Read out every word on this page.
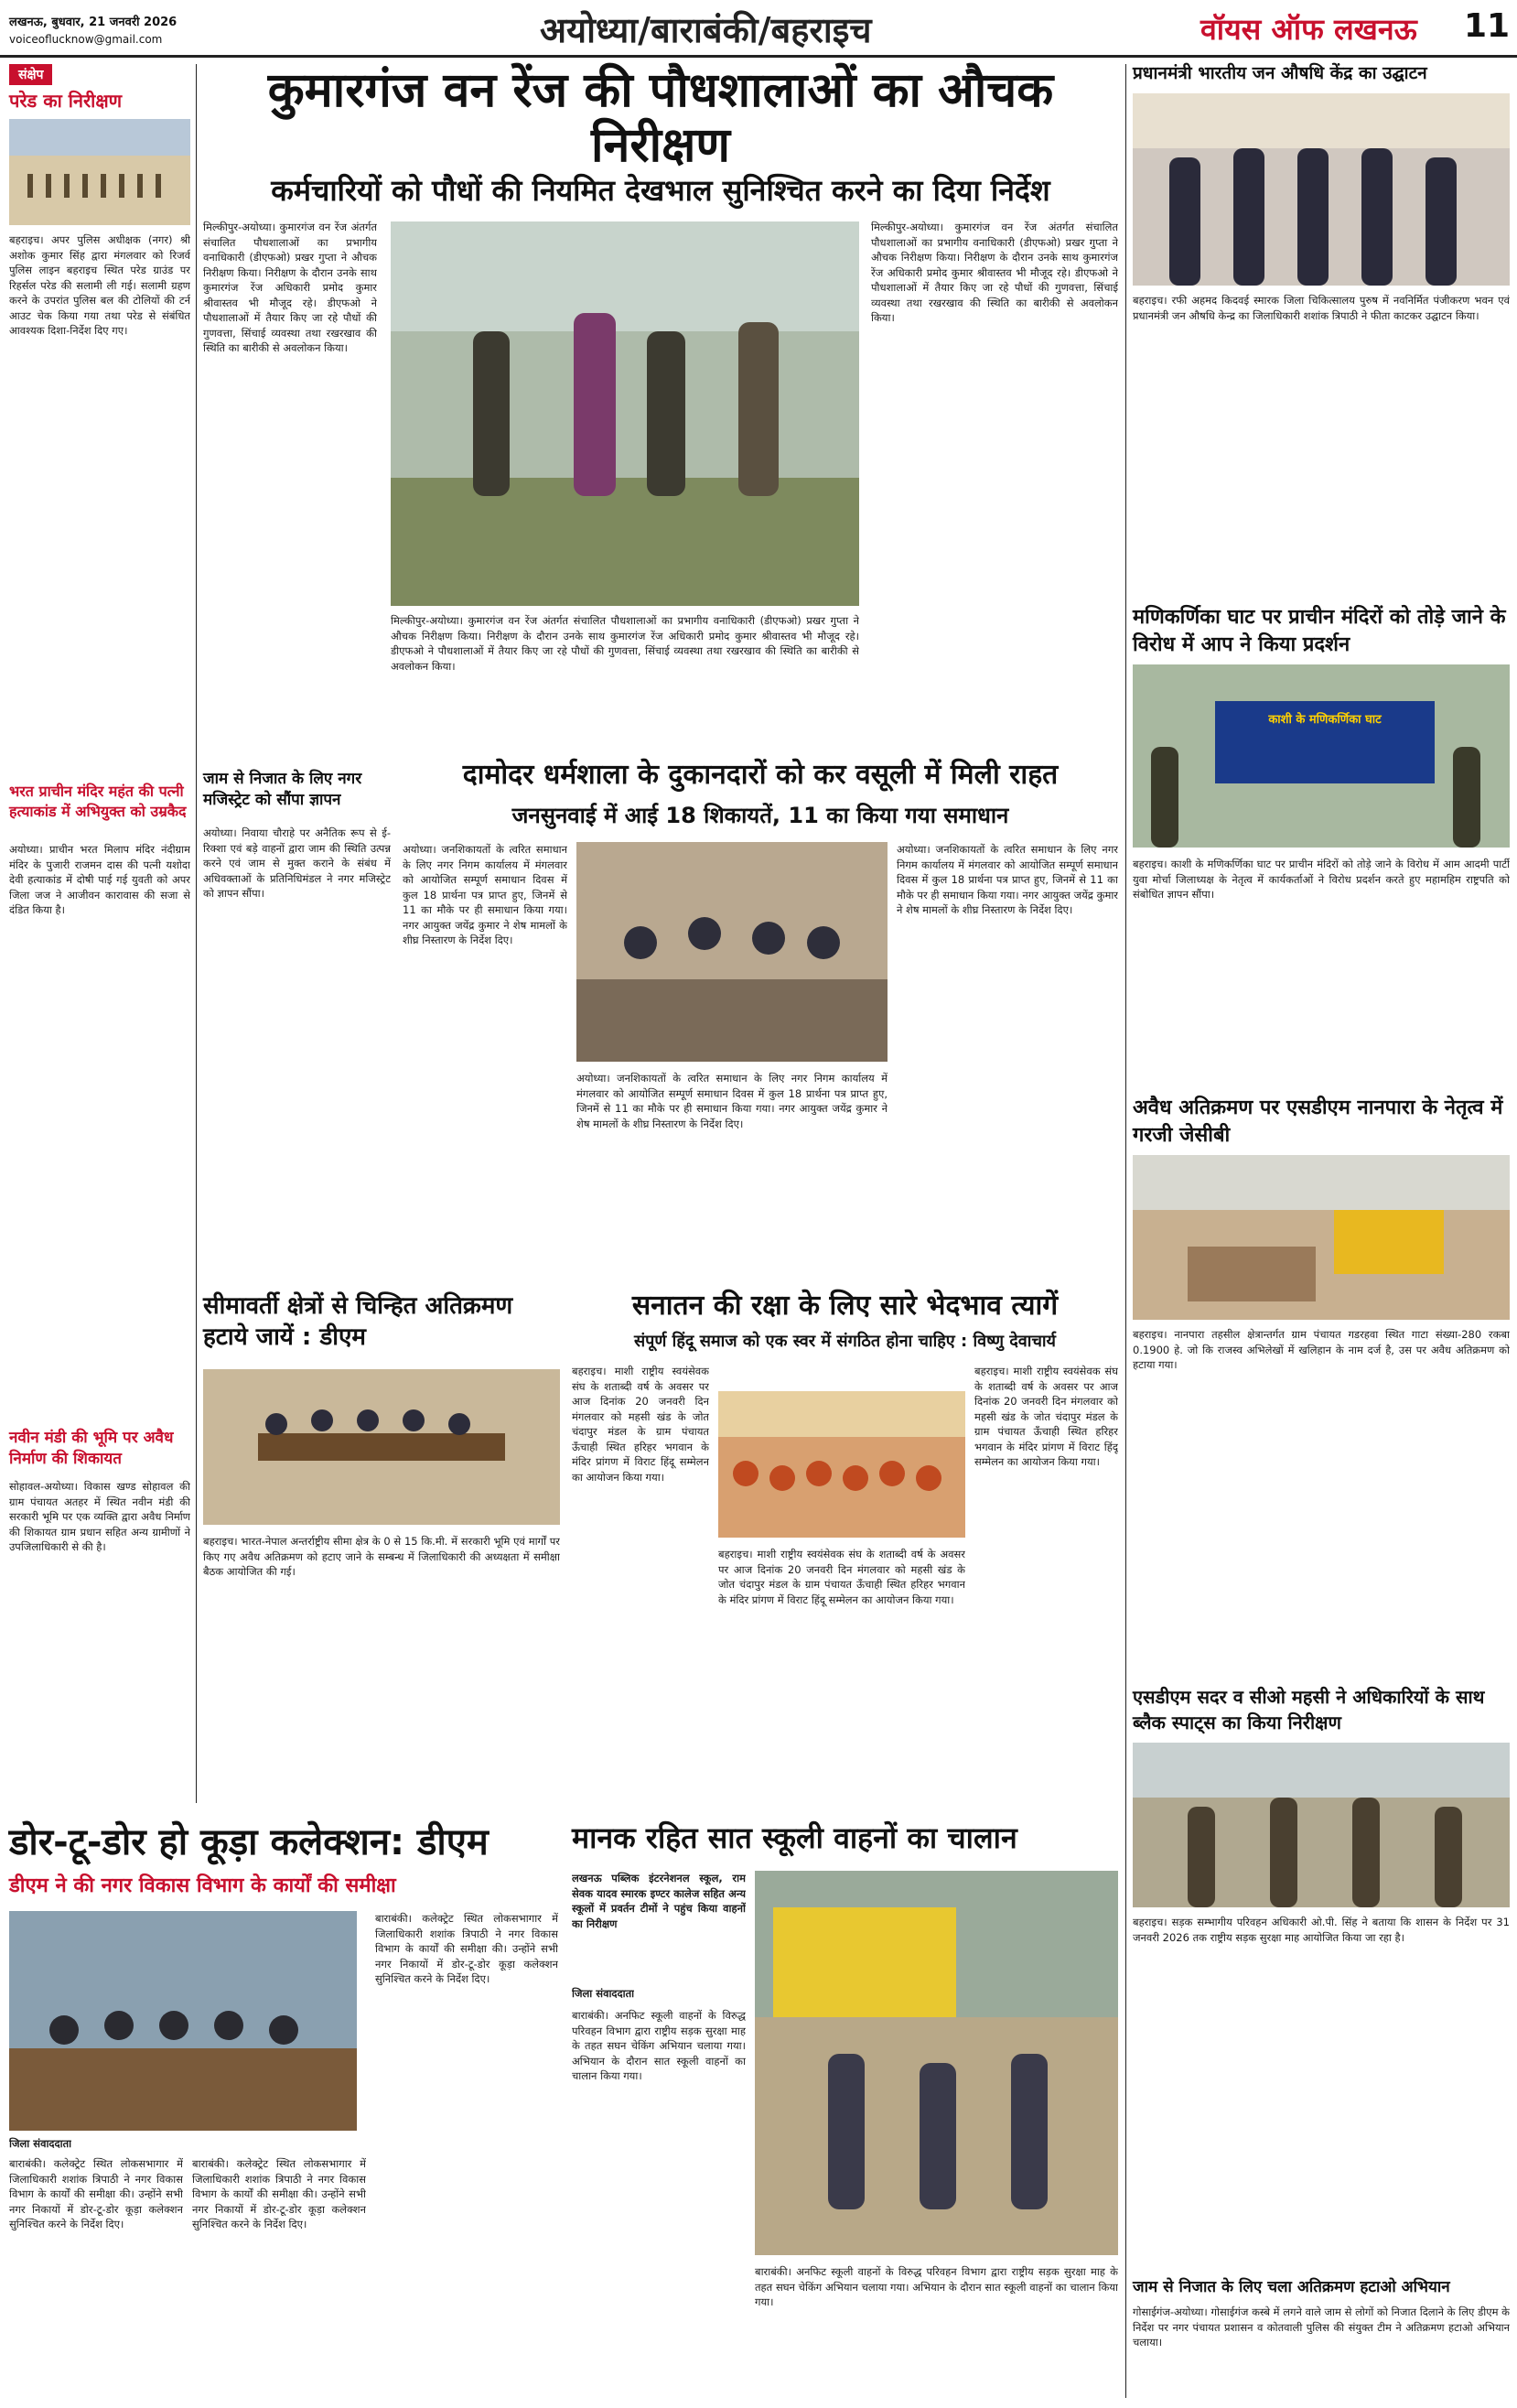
लखनऊ, बुधवार, 21 जनवरी 2026
voiceoflucknow@gmail.com	अयोध्या/बाराबंकी/बहराइच	वॉयस ऑफ लखनऊ 11
संक्षेप
परेड का निरीक्षण
बहराइच। अपर पुलिस अधीक्षक (नगर) श्री अशोक कुमार सिंह द्वारा मंगलवार को रिजर्व पुलिस लाइन बहराइच स्थित परेड ग्राउंड पर रिहर्सल परेड की सलामी ली गई। सलामी ग्रहण करने के उपरांत पुलिस बल की टोलियों की टर्न आउट चेक किया गया तथा परेड से संबंधित आवश्यक दिशा-निर्देश दिए गए।
भरत प्राचीन मंदिर महंत की पत्नी हत्याकांड में अभियुक्त को उम्रकैद
अयोध्या। प्राचीन भरत मिलाप मंदिर नंदीग्राम मंदिर के पुजारी राजमन दास की पत्नी यशोदा देवी हत्याकांड में दोषी पाई गई युवती को अपर जिला जज ने आजीवन कारावास की सजा से दंडित किया है।
नवीन मंडी की भूमि पर अवैध निर्माण की शिकायत
सोहावल-अयोध्या। विकास खण्ड सोहावल की ग्राम पंचायत अतहर में स्थित नवीन मंडी की सरकारी भूमि पर एक व्यक्ति द्वारा अवैध निर्माण की शिकायत ग्राम प्रधान सहित अन्य ग्रामीणों ने उपजिलाधिकारी से की है।
कुमारगंज वन रेंज की पौधशालाओं का औचक निरीक्षण
कर्मचारियों को पौधों की नियमित देखभाल सुनिश्चित करने का दिया निर्देश
मिल्कीपुर-अयोध्या। कुमारगंज वन रेंज अंतर्गत संचालित पौधशालाओं का प्रभागीय वनाधिकारी (डीएफओ) प्रखर गुप्ता ने औचक निरीक्षण किया। निरीक्षण के दौरान उनके साथ कुमारगंज रेंज अधिकारी प्रमोद कुमार श्रीवास्तव भी मौजूद रहे। डीएफओ ने पौधशालाओं में तैयार किए जा रहे पौधों की गुणवत्ता, सिंचाई व्यवस्था तथा रखरखाव की स्थिति का बारीकी से अवलोकन किया।
मिल्कीपुर-अयोध्या। कुमारगंज वन रेंज अंतर्गत संचालित पौधशालाओं का प्रभागीय वनाधिकारी (डीएफओ) प्रखर गुप्ता ने औचक निरीक्षण किया। निरीक्षण के दौरान उनके साथ कुमारगंज रेंज अधिकारी प्रमोद कुमार श्रीवास्तव भी मौजूद रहे। डीएफओ ने पौधशालाओं में तैयार किए जा रहे पौधों की गुणवत्ता, सिंचाई व्यवस्था तथा रखरखाव की स्थिति का बारीकी से अवलोकन किया।
मिल्कीपुर-अयोध्या। कुमारगंज वन रेंज अंतर्गत संचालित पौधशालाओं का प्रभागीय वनाधिकारी (डीएफओ) प्रखर गुप्ता ने औचक निरीक्षण किया। निरीक्षण के दौरान उनके साथ कुमारगंज रेंज अधिकारी प्रमोद कुमार श्रीवास्तव भी मौजूद रहे। डीएफओ ने पौधशालाओं में तैयार किए जा रहे पौधों की गुणवत्ता, सिंचाई व्यवस्था तथा रखरखाव की स्थिति का बारीकी से अवलोकन किया।
जाम से निजात के लिए नगर मजिस्ट्रेट को सौंपा ज्ञापन
अयोध्या। निवाया चौराहे पर अनैतिक रूप से ई-रिक्शा एवं बड़े वाहनों द्वारा जाम की स्थिति उत्पन्न करने एवं जाम से मुक्त कराने के संबंध में अधिवक्ताओं के प्रतिनिधिमंडल ने नगर मजिस्ट्रेट को ज्ञापन सौंपा।
दामोदर धर्मशाला के दुकानदारों को कर वसूली में मिली राहत
जनसुनवाई में आई 18 शिकायतें, 11 का किया गया समाधान
अयोध्या। जनशिकायतों के त्वरित समाधान के लिए नगर निगम कार्यालय में मंगलवार को आयोजित सम्पूर्ण समाधान दिवस में कुल 18 प्रार्थना पत्र प्राप्त हुए, जिनमें से 11 का मौके पर ही समाधान किया गया। नगर आयुक्त जयेंद्र कुमार ने शेष मामलों के शीघ्र निस्तारण के निर्देश दिए।
अयोध्या। जनशिकायतों के त्वरित समाधान के लिए नगर निगम कार्यालय में मंगलवार को आयोजित सम्पूर्ण समाधान दिवस में कुल 18 प्रार्थना पत्र प्राप्त हुए, जिनमें से 11 का मौके पर ही समाधान किया गया। नगर आयुक्त जयेंद्र कुमार ने शेष मामलों के शीघ्र निस्तारण के निर्देश दिए।
अयोध्या। जनशिकायतों के त्वरित समाधान के लिए नगर निगम कार्यालय में मंगलवार को आयोजित सम्पूर्ण समाधान दिवस में कुल 18 प्रार्थना पत्र प्राप्त हुए, जिनमें से 11 का मौके पर ही समाधान किया गया। नगर आयुक्त जयेंद्र कुमार ने शेष मामलों के शीघ्र निस्तारण के निर्देश दिए।
सीमावर्ती क्षेत्रों से चिन्हित अतिक्रमण हटाये जायें : डीएम
बहराइच। भारत-नेपाल अन्तर्राष्ट्रीय सीमा क्षेत्र के 0 से 15 कि.मी. में सरकारी भूमि एवं मार्गों पर किए गए अवैध अतिक्रमण को हटाए जाने के सम्बन्ध में जिलाधिकारी की अध्यक्षता में समीक्षा बैठक आयोजित की गई।
सनातन की रक्षा के लिए सारे भेदभाव त्यागें
संपूर्ण हिंदू समाज को एक स्वर में संगठित होना चाहिए : विष्णु देवाचार्य
बहराइच। माशी राष्ट्रीय स्वयंसेवक संघ के शताब्दी वर्ष के अवसर पर आज दिनांक 20 जनवरी दिन मंगलवार को महसी खंड के जोत चंदापुर मंडल के ग्राम पंचायत ऊँचाही स्थित हरिहर भगवान के मंदिर प्रांगण में विराट हिंदू सम्मेलन का आयोजन किया गया।
बहराइच। माशी राष्ट्रीय स्वयंसेवक संघ के शताब्दी वर्ष के अवसर पर आज दिनांक 20 जनवरी दिन मंगलवार को महसी खंड के जोत चंदापुर मंडल के ग्राम पंचायत ऊँचाही स्थित हरिहर भगवान के मंदिर प्रांगण में विराट हिंदू सम्मेलन का आयोजन किया गया।
बहराइच। माशी राष्ट्रीय स्वयंसेवक संघ के शताब्दी वर्ष के अवसर पर आज दिनांक 20 जनवरी दिन मंगलवार को महसी खंड के जोत चंदापुर मंडल के ग्राम पंचायत ऊँचाही स्थित हरिहर भगवान के मंदिर प्रांगण में विराट हिंदू सम्मेलन का आयोजन किया गया।
डोर-टू-डोर हो कूड़ा कलेक्शन: डीएम
डीएम ने की नगर विकास विभाग के कार्यों की समीक्षा
जिला संवाददाता
बाराबंकी। कलेक्ट्रेट स्थित लोकसभागार में जिलाधिकारी शशांक त्रिपाठी ने नगर विकास विभाग के कार्यों की समीक्षा की। उन्होंने सभी नगर निकायों में डोर-टू-डोर कूड़ा कलेक्शन सुनिश्चित करने के निर्देश दिए।
बाराबंकी। कलेक्ट्रेट स्थित लोकसभागार में जिलाधिकारी शशांक त्रिपाठी ने नगर विकास विभाग के कार्यों की समीक्षा की। उन्होंने सभी नगर निकायों में डोर-टू-डोर कूड़ा कलेक्शन सुनिश्चित करने के निर्देश दिए।
बाराबंकी। कलेक्ट्रेट स्थित लोकसभागार में जिलाधिकारी शशांक त्रिपाठी ने नगर विकास विभाग के कार्यों की समीक्षा की। उन्होंने सभी नगर निकायों में डोर-टू-डोर कूड़ा कलेक्शन सुनिश्चित करने के निर्देश दिए।
मानक रहित सात स्कूली वाहनों का चालान
लखनऊ पब्लिक इंटरनेशनल स्कूल, राम सेवक यादव स्मारक इण्टर कालेज सहित अन्य स्कूलों में प्रवर्तन टीमों ने पहुंच किया वाहनों का निरीक्षण
जिला संवाददाता
बाराबंकी। अनफिट स्कूली वाहनों के विरुद्ध परिवहन विभाग द्वारा राष्ट्रीय सड़क सुरक्षा माह के तहत सघन चेकिंग अभियान चलाया गया। अभियान के दौरान सात स्कूली वाहनों का चालान किया गया।
बाराबंकी। अनफिट स्कूली वाहनों के विरुद्ध परिवहन विभाग द्वारा राष्ट्रीय सड़क सुरक्षा माह के तहत सघन चेकिंग अभियान चलाया गया। अभियान के दौरान सात स्कूली वाहनों का चालान किया गया।
प्रधानमंत्री भारतीय जन औषधि केंद्र का उद्घाटन
बहराइच। रफी अहमद किदवई स्मारक जिला चिकित्सालय पुरुष में नवनिर्मित पंजीकरण भवन एवं प्रधानमंत्री जन औषधि केन्द्र का जिलाधिकारी शशांक त्रिपाठी ने फीता काटकर उद्घाटन किया।
मणिकर्णिका घाट पर प्राचीन मंदिरों को तोड़े जाने के विरोध में आप ने किया प्रदर्शन
काशी के मणिकर्णिका घाट
बहराइच। काशी के मणिकर्णिका घाट पर प्राचीन मंदिरों को तोड़े जाने के विरोध में आम आदमी पार्टी युवा मोर्चा जिलाध्यक्ष के नेतृत्व में कार्यकर्ताओं ने विरोध प्रदर्शन करते हुए महामहिम राष्ट्रपति को संबोधित ज्ञापन सौंपा।
अवैध अतिक्रमण पर एसडीएम नानपारा के नेतृत्व में गरजी जेसीबी
बहराइच। नानपारा तहसील क्षेत्रान्तर्गत ग्राम पंचायत गडरहवा स्थित गाटा संख्या-280 रकबा 0.1900 हे. जो कि राजस्व अभिलेखों में खलिहान के नाम दर्ज है, उस पर अवैध अतिक्रमण को हटाया गया।
एसडीएम सदर व सीओ महसी ने अधिकारियों के साथ ब्लैक स्पाट्स का किया निरीक्षण
बहराइच। सड़क सम्भागीय परिवहन अधिकारी ओ.पी. सिंह ने बताया कि शासन के निर्देश पर 31 जनवरी 2026 तक राष्ट्रीय सड़क सुरक्षा माह आयोजित किया जा रहा है।
जाम से निजात के लिए चला अतिक्रमण हटाओ अभियान
गोसाईगंज-अयोध्या। गोसाईगंज कस्बे में लगने वाले जाम से लोगों को निजात दिलाने के लिए डीएम के निर्देश पर नगर पंचायत प्रशासन व कोतवाली पुलिस की संयुक्त टीम ने अतिक्रमण हटाओ अभियान चलाया।
